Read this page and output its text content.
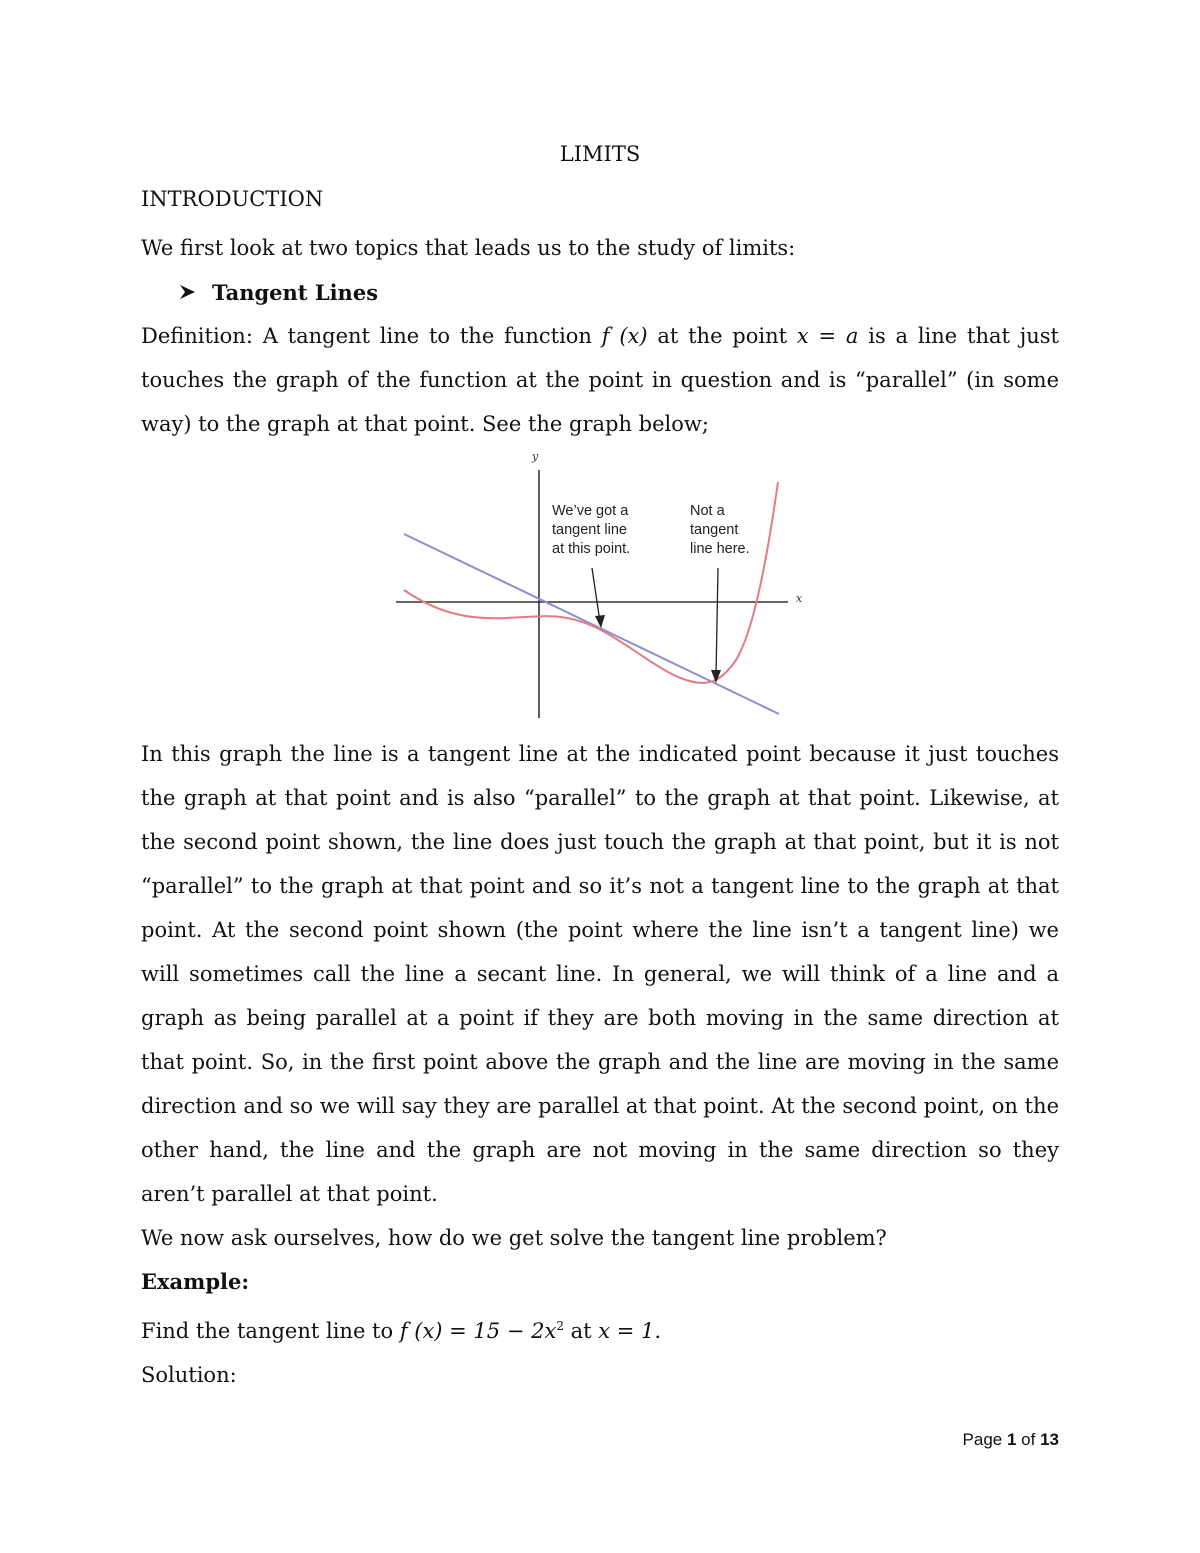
LIMITS
INTRODUCTION

We first look at two topics that leads us to the study of limits:

Tangent Lines

Definition: A tangent line to the function f (x) at the point x = a is a line that just touches the graph of the function at the point in question and is “parallel” (in some way) to the graph at that point. See the graph below;

y
x
We’ve got a
tangent line
at this point.
Not a
tangent
line here.

In this graph the line is a tangent line at the indicated point because it just touches the graph at that point and is also “parallel” to the graph at that point. Likewise, at the second point shown, the line does just touch the graph at that point, but it is not “parallel” to the graph at that point and so it’s not a tangent line to the graph at that point. At the second point shown (the point where the line isn’t a tangent line) we will sometimes call the line a secant line. In general, we will think of a line and a graph as being parallel at a point if they are both moving in the same direction at that point. So, in the first point above the graph and the line are moving in the same direction and so we will say they are parallel at that point. At the second point, on the other hand, the line and the graph are not moving in the same direction so they aren’t parallel at that point.

We now ask ourselves, how do we get solve the tangent line problem?

Example:

Find the tangent line to f $(x) = 15 - 2x^2$ at x = 1.

Solution:

Page 1 of 13
